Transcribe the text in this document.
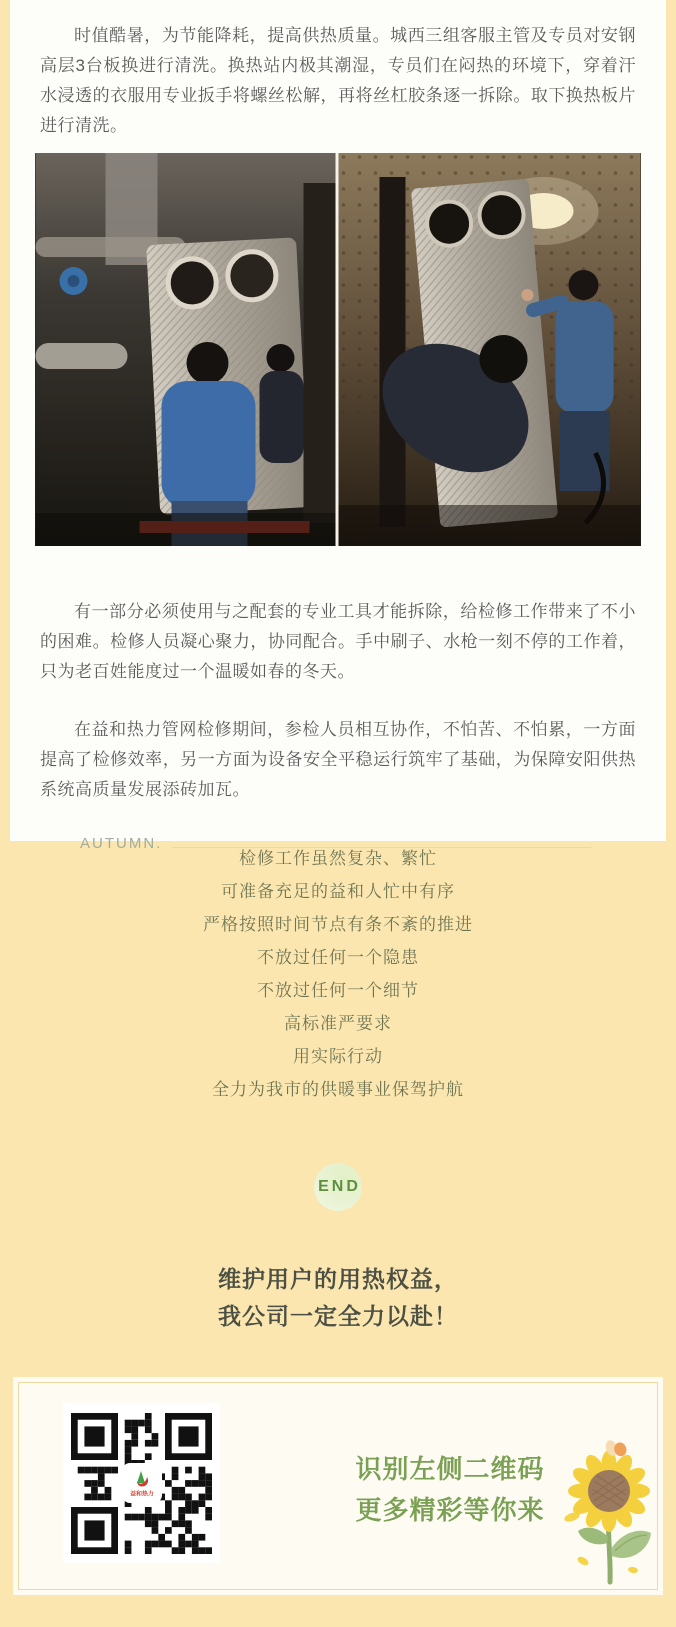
时值酷暑，为节能降耗，提高供热质量。城西三组客服主管及专员对安钢高层3台板换进行清洗。换热站内极其潮湿，专员们在闷热的环境下，穿着汗水浸透的衣服用专业扳手将螺丝松解，再将丝杠胶条逐一拆除。取下换热板片进行清洗。

有一部分必须使用与之配套的专业工具才能拆除，给检修工作带来了不小的困难。检修人员凝心聚力，协同配合。手中刷子、水枪一刻不停的工作着，只为老百姓能度过一个温暖如春的冬天。

在益和热力管网检修期间，参检人员相互协作，不怕苦、不怕累，一方面提高了检修效率，另一方面为设备安全平稳运行筑牢了基础，为保障安阳供热系统高质量发展添砖加瓦。

AUTUMN.

检修工作虽然复杂、繁忙

可准备充足的益和人忙中有序

严格按照时间节点有条不紊的推进

不放过任何一个隐患

不放过任何一个细节

高标准严要求

用实际行动

全力为我市的供暖事业保驾护航

END

维护用户的用热权益，

我公司一定全力以赴！

益和热力

识别左侧二维码

更多精彩等你来
